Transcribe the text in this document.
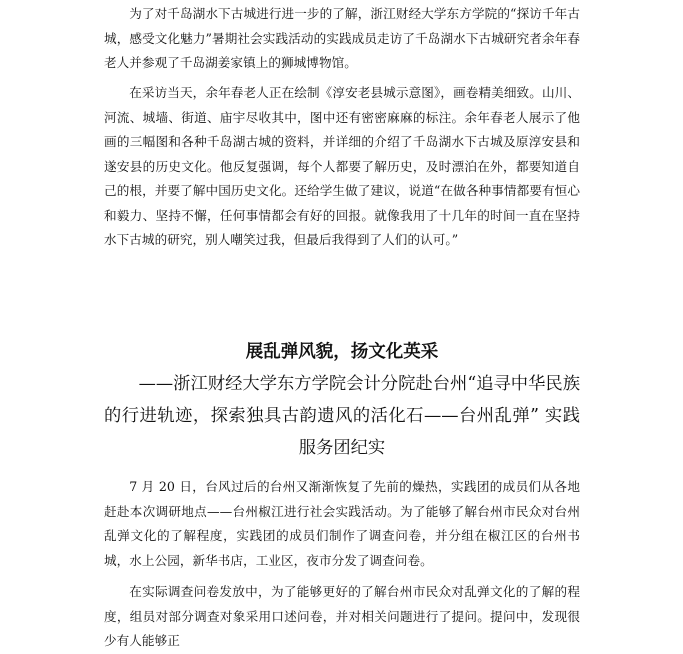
为了对千岛湖水下古城进行进一步的了解，浙江财经大学东方学院的“探访千年古城，感受文化魅力”暑期社会实践活动的实践成员走访了千岛湖水下古城研究者余年春老人并参观了千岛湖姜家镇上的狮城博物馆。

在采访当天，余年春老人正在绘制《淳安老县城示意图》，画卷精美细致。山川、河流、城墙、街道、庙宇尽收其中，图中还有密密麻麻的标注。余年春老人展示了他画的三幅图和各种千岛湖古城的资料，并详细的介绍了千岛湖水下古城及原淳安县和遂安县的历史文化。他反复强调，每个人都要了解历史，及时漂泊在外，都要知道自己的根，并要了解中国历史文化。还给学生做了建议，说道“在做各种事情都要有恒心和毅力、坚持不懈，任何事情都会有好的回报。就像我用了十几年的时间一直在坚持水下古城的研究，别人嘲笑过我，但最后我得到了人们的认可。”

展乱弹风貌，扬文化英采

——浙江财经大学东方学院会计分院赴台州“追寻中华民族的行进轨迹，探索独具古韵遗风的活化石——台州乱弹” 实践服务团纪实

7 月 20 日，台风过后的台州又渐渐恢复了先前的燥热，实践团的成员们从各地赶赴本次调研地点——台州椒江进行社会实践活动。为了能够了解台州市民众对台州乱弹文化的了解程度，实践团的成员们制作了调查问卷，并分组在椒江区的台州书城，水上公园，新华书店，工业区，夜市分发了调查问卷。

在实际调查问卷发放中，为了能够更好的了解台州市民众对乱弹文化的了解的程度，组员对部分调查对象采用口述问卷，并对相关问题进行了提问。提问中，发现很少有人能够正
